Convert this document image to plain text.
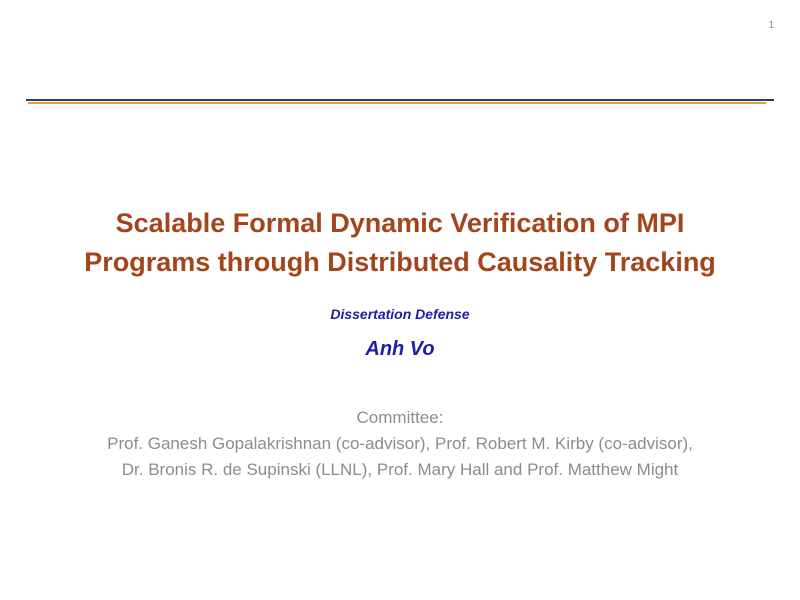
1
Scalable Formal Dynamic Verification of MPI
Programs through Distributed Causality Tracking
Dissertation Defense
Anh Vo
Committee:
Prof. Ganesh Gopalakrishnan (co-advisor), Prof. Robert M. Kirby (co-advisor),
Dr. Bronis R. de Supinski (LLNL), Prof. Mary Hall and Prof. Matthew Might
